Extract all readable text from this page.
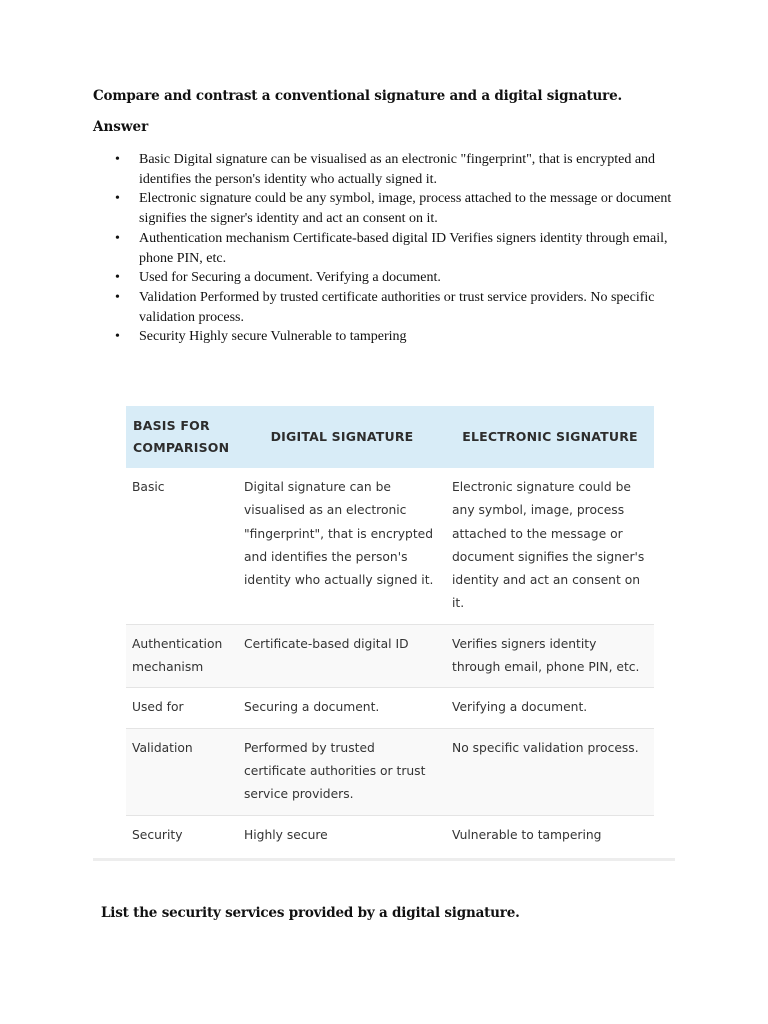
Compare and contrast a conventional signature and a digital signature.
Answer
• Basic Digital signature can be visualised as an electronic "fingerprint", that is encrypted and identifies the person's identity who actually signed it.
• Electronic signature could be any symbol, image, process attached to the message or document signifies the signer's identity and act an consent on it.
• Authentication mechanism Certificate-based digital ID Verifies signers identity through email, phone PIN, etc.
• Used for Securing a document. Verifying a document.
• Validation Performed by trusted certificate authorities or trust service providers. No specific validation process.
• Security Highly secure Vulnerable to tampering
BASIS FOR COMPARISON	DIGITAL SIGNATURE	ELECTRONIC SIGNATURE
Basic	Digital signature can be visualised as an electronic "fingerprint", that is encrypted and identifies the person's identity who actually signed it.	Electronic signature could be any symbol, image, process attached to the message or document signifies the signer's identity and act an consent on it.
Authentication mechanism	Certificate-based digital ID	Verifies signers identity through email, phone PIN, etc.
Used for	Securing a document.	Verifying a document.
Validation	Performed by trusted certificate authorities or trust service providers.	No specific validation process.
Security	Highly secure	Vulnerable to tampering
List the security services provided by a digital signature.
